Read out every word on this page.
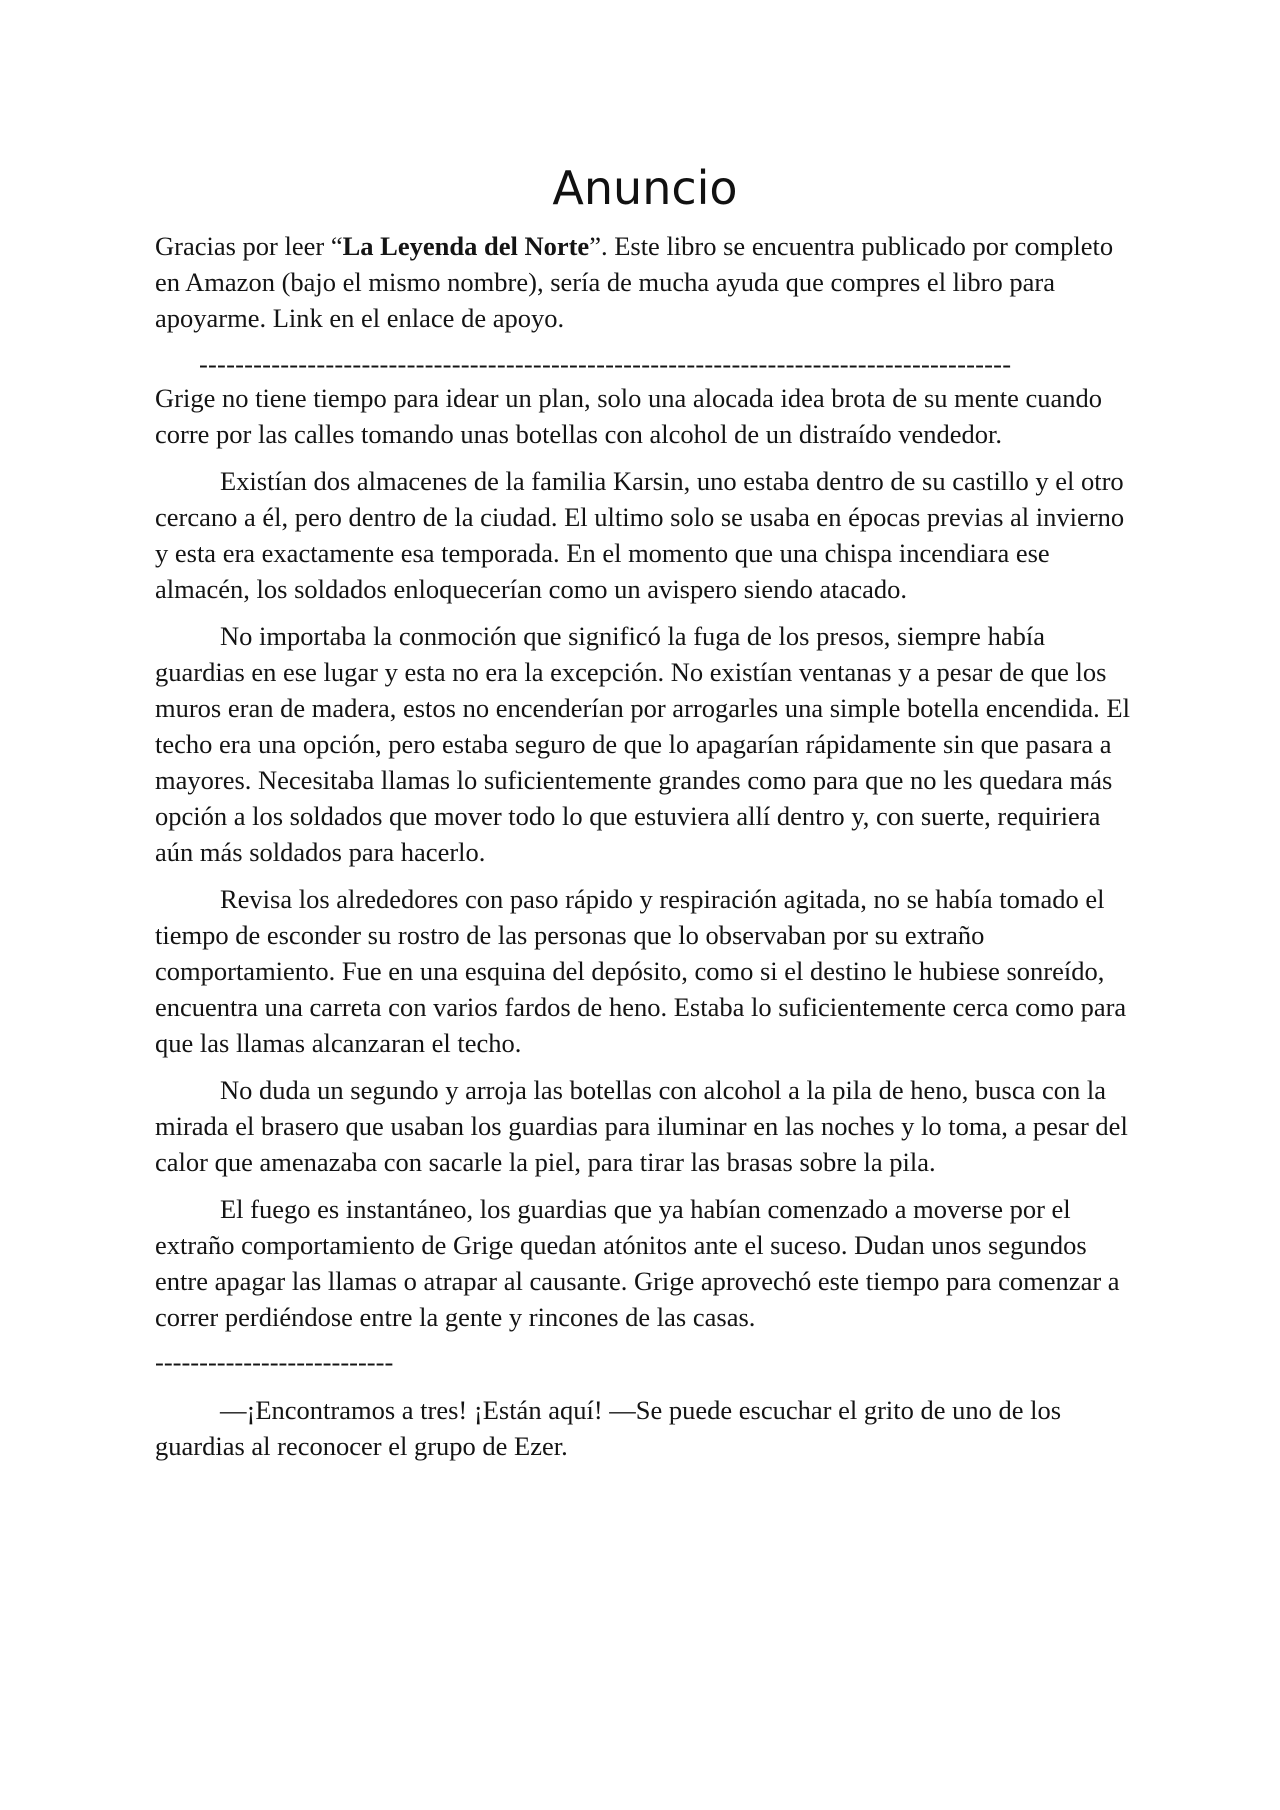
Anuncio

Gracias por leer “La Leyenda del Norte”. Este libro se encuentra publicado por completo en Amazon (bajo el mismo nombre), sería de mucha ayuda que compres el libro para apoyarme. Link en el enlace de apoyo.

------------------------------------------------------------------------------------------

Grige no tiene tiempo para idear un plan, solo una alocada idea brota de su mente cuando corre por las calles tomando unas botellas con alcohol de un distraído vendedor.

Existían dos almacenes de la familia Karsin, uno estaba dentro de su castillo y el otro cercano a él, pero dentro de la ciudad. El ultimo solo se usaba en épocas previas al invierno y esta era exactamente esa temporada. En el momento que una chispa incendiara ese almacén, los soldados enloquecerían como un avispero siendo atacado.

No importaba la conmoción que significó la fuga de los presos, siempre había guardias en ese lugar y esta no era la excepción. No existían ventanas y a pesar de que los muros eran de madera, estos no encenderían por arrogarles una simple botella encendida. El techo era una opción, pero estaba seguro de que lo apagarían rápidamente sin que pasara a mayores. Necesitaba llamas lo suficientemente grandes como para que no les quedara más opción a los soldados que mover todo lo que estuviera allí dentro y, con suerte, requiriera aún más soldados para hacerlo.

Revisa los alrededores con paso rápido y respiración agitada, no se había tomado el tiempo de esconder su rostro de las personas que lo observaban por su extraño comportamiento. Fue en una esquina del depósito, como si el destino le hubiese sonreído, encuentra una carreta con varios fardos de heno. Estaba lo suficientemente cerca como para que las llamas alcanzaran el techo.

No duda un segundo y arroja las botellas con alcohol a la pila de heno, busca con la mirada el brasero que usaban los guardias para iluminar en las noches y lo toma, a pesar del calor que amenazaba con sacarle la piel, para tirar las brasas sobre la pila.

El fuego es instantáneo, los guardias que ya habían comenzado a moverse por el extraño comportamiento de Grige quedan atónitos ante el suceso. Dudan unos segundos entre apagar las llamas o atrapar al causante. Grige aprovechó este tiempo para comenzar a correr perdiéndose entre la gente y rincones de las casas.

---------------------------

—¡Encontramos a tres! ¡Están aquí! —Se puede escuchar el grito de uno de los guardias al reconocer el grupo de Ezer.
